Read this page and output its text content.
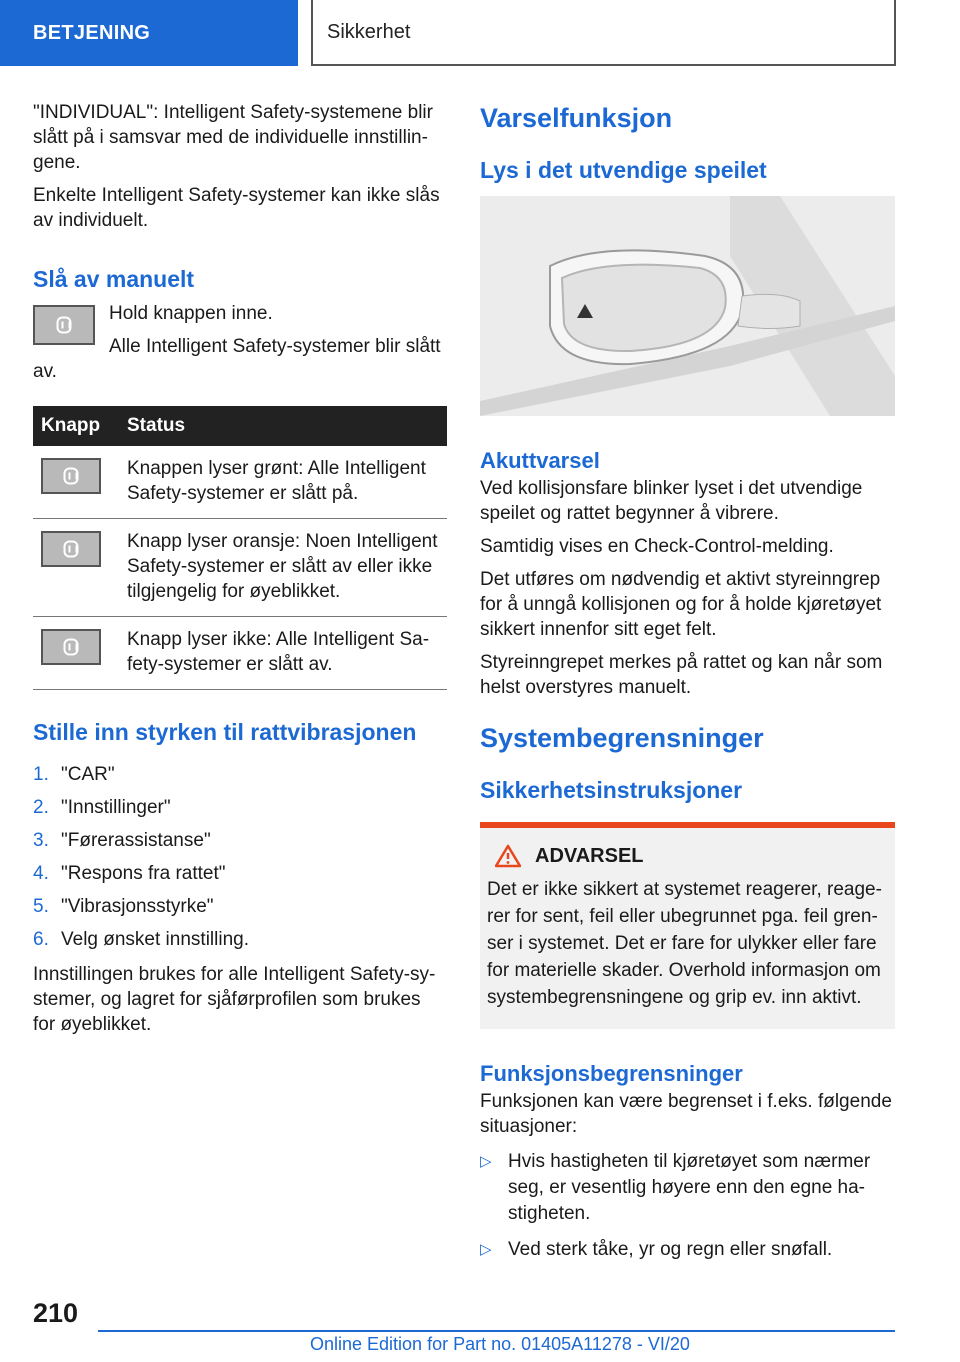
BETJENING	Sikkerhet

"INDIVIDUAL": Intelligent Safety-systemene blir slått på i samsvar med de individuelle innstillin-gene.

Enkelte Intelligent Safety-systemer kan ikke slås av individuelt.

Slå av manuelt

Hold knappen inne.

Alle Intelligent Safety-systemer blir slått av.

Knapp	Status

	Knappen lyser grønt: Alle Intelligent Safety-systemer er slått på.

	Knapp lyser oransje: Noen Intelligent Safety-systemer er slått av eller ikke tilgjengelig for øyeblikket.

	Knapp lyser ikke: Alle Intelligent Sa-fety-systemer er slått av.
Stille inn styrken til rattvibrasjonen
1. "CAR"
2. "Innstillinger"
3. "Førerassistanse"
4. "Respons fra rattet"
5. "Vibrasjonsstyrke"
6. Velg ønsket innstilling.

Innstillingen brukes for alle Intelligent Safety-sy-stemer, og lagret for sjåførprofilen som brukes for øyeblikket.

Varselfunksjon
Lys i det utvendige speilet
Akuttvarsel

Ved kollisjonsfare blinker lyset i det utvendige speilet og rattet begynner å vibrere.

Samtidig vises en Check-Control-melding.

Det utføres om nødvendig et aktivt styreinngrep for å unngå kollisjonen og for å holde kjøretøyet sikkert innenfor sitt eget felt.

Styreinngrepet merkes på rattet og kan når som helst overstyres manuelt.

Systembegrensninger
Sikkerhetsinstruksjoner
ADVARSEL

Det er ikke sikkert at systemet reagerer, reage-rer for sent, feil eller ubegrunnet pga. feil gren-ser i systemet. Det er fare for ulykker eller fare for materielle skader. Overhold informasjon om systembegrensningene og grip ev. inn aktivt.

Funksjonsbegrensninger

Funksjonen kan være begrenset i f.eks. følgende situasjoner:

▷ Hvis hastigheten til kjøretøyet som nærmer seg, er vesentlig høyere enn den egne ha-stigheten.
▷ Ved sterk tåke, yr og regn eller snøfall.
210
Online Edition for Part no. 01405A11278 - VI/20
